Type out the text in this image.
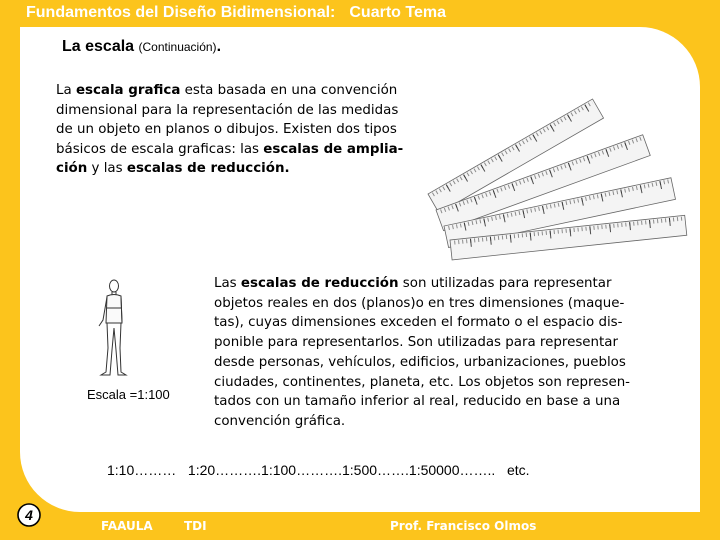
Fundamentos del Diseño Bidimensional: Cuarto Tema
La escala (Continuación).
La escala grafica esta basada en una convención
dimensional para la representación de las medidas
de un objeto en planos o dibujos. Existen dos tipos
básicos de escala graficas: las escalas de amplia-
ción y las escalas de reducción.
Escala =1:100
Las escalas de reducción son utilizadas para representar
objetos reales en dos (planos)o en tres dimensiones (maque-
tas), cuyas dimensiones exceden el formato o el espacio dis-
ponible para representarlos. Son utilizadas para representar
desde personas, vehículos, edificios, urbanizaciones, pueblos
ciudades, continentes, planeta, etc. Los objetos son represen-
tados con un tamaño inferior al real, reducido en base a una
convención gráfica.
1:10………   1:20……….1:100……….1:500…….1:50000……..   etc.
4
FAAULA	TDI	Prof. Francisco Olmos
